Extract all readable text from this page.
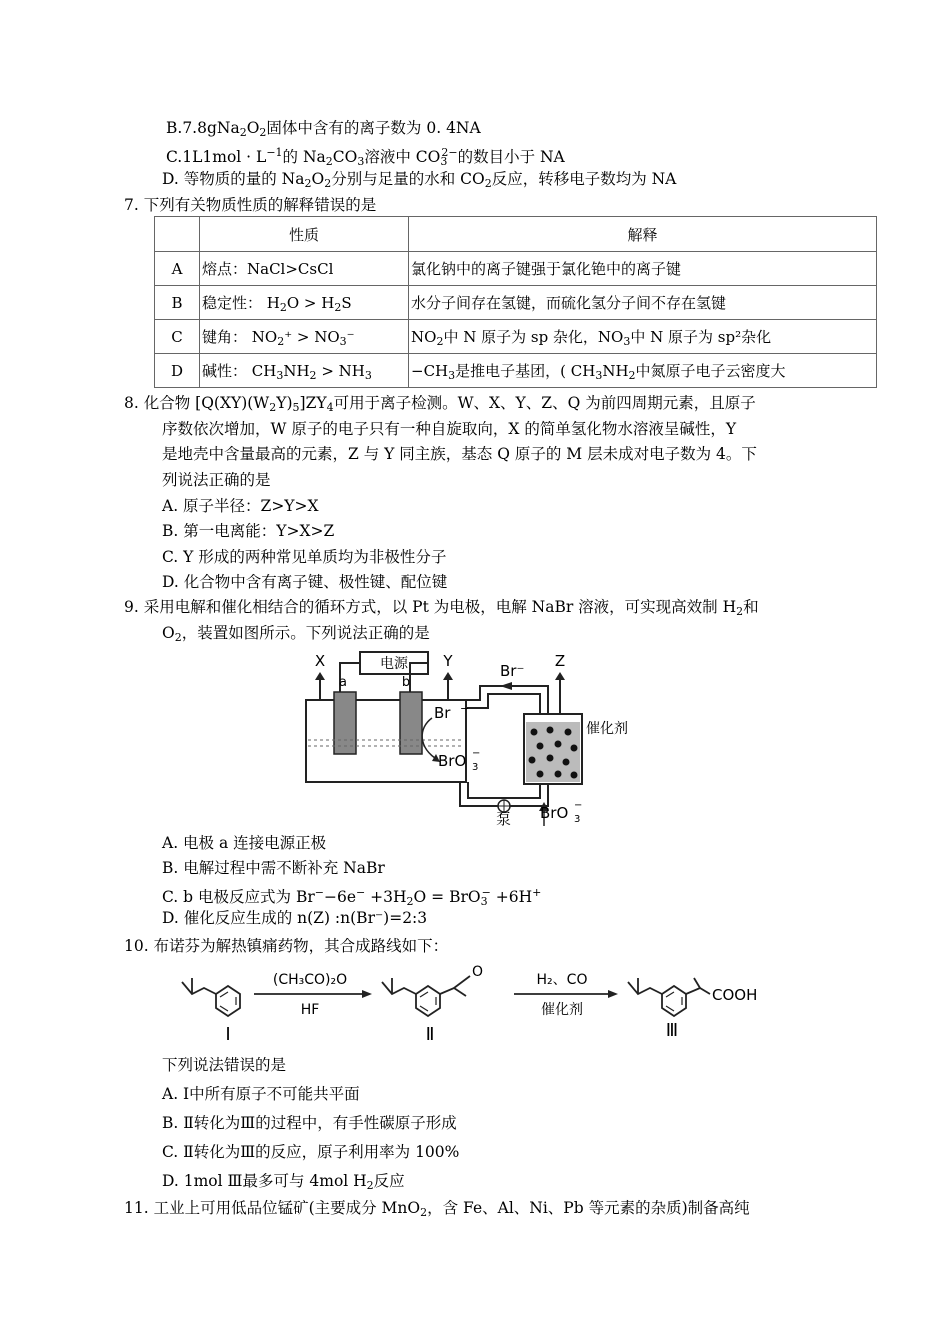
$B.7.8gNa_2O_2$固体中含有的离子数为 0. 4NA
$C.1L1mol \cdot L^{-1}$的 $Na_2CO_3$溶液中 $CO_3^{2-}$的数目小于 NA
D. 等物质的量的 $Na_2O_2$分别与足量的水和 $CO_2$反应，转移电子数均为 NA
7. 下列有关物质性质的解释错误的是
	性质	解释
A	熔点：NaCl>CsCl	氯化钠中的离子键强于氯化铯中的离子键
B	稳定性： $H_2O > H_2S$	水分子间存在氢键，而硫化氢分子间不存在氢键
C	键角： $NO_2^+ > NO_3^-$	$NO_2$中 N 原子为 sp 杂化，$NO_3$中 N 原子为 sp²杂化
D	碱性： $CH_3NH_2 > NH_3$	$-CH_3$是推电子基团，( $CH_3NH_2$中氮原子电子云密度大
8. 化合物 $[Q(XY)(W_2Y)_5]ZY_4$可用于离子检测。W、X、Y、Z、Q 为前四周期元素，且原子
序数依次增加，W 原子的电子只有一种自旋取向，X 的简单氢化物水溶液呈碱性，Y
是地壳中含量最高的元素，Z 与 Y 同主族，基态 Q 原子的 M 层未成对电子数为 4。下
列说法正确的是
A. 原子半径：Z>Y>X
B. 第一电离能：Y>X>Z
C. Y 形成的两种常见单质均为非极性分子
D. 化合物中含有离子键、极性键、配位键
9. 采用电解和催化相结合的循环方式，以 Pt 为电极，电解 NaBr 溶液，可实现高效制 $H_2$和
$O_2$，装置如图所示。下列说法正确的是
电源
X	Y	Z
a	b
Br⁻
Br −
BrO 3
−
催化剂
泵 BrO 3
−
A. 电极 a 连接电源正极
B. 电解过程中需不断补充 NaBr
C. b 电极反应式为 $Br^--6e^- +3H_2O = BrO_3^- +6H^+$
D. 催化反应生成的 n(Z) :n(Br⁻)=2:3
10. 布诺芬为解热镇痛药物，其合成路线如下：
(CH₃CO)₂O
HF
H₂、CO
催化剂
O
COOH
Ⅰ	Ⅱ	Ⅲ
下列说法错误的是
A. Ⅰ中所有原子不可能共平面
B. Ⅱ转化为Ⅲ的过程中，有手性碳原子形成
C. Ⅱ转化为Ⅲ的反应，原子利用率为 100%
D. 1mol Ⅲ最多可与 4mol $H_2$反应
11. 工业上可用低品位锰矿(主要成分 MnO$_2$，含 Fe、Al、Ni、Pb 等元素的杂质)制备高纯
